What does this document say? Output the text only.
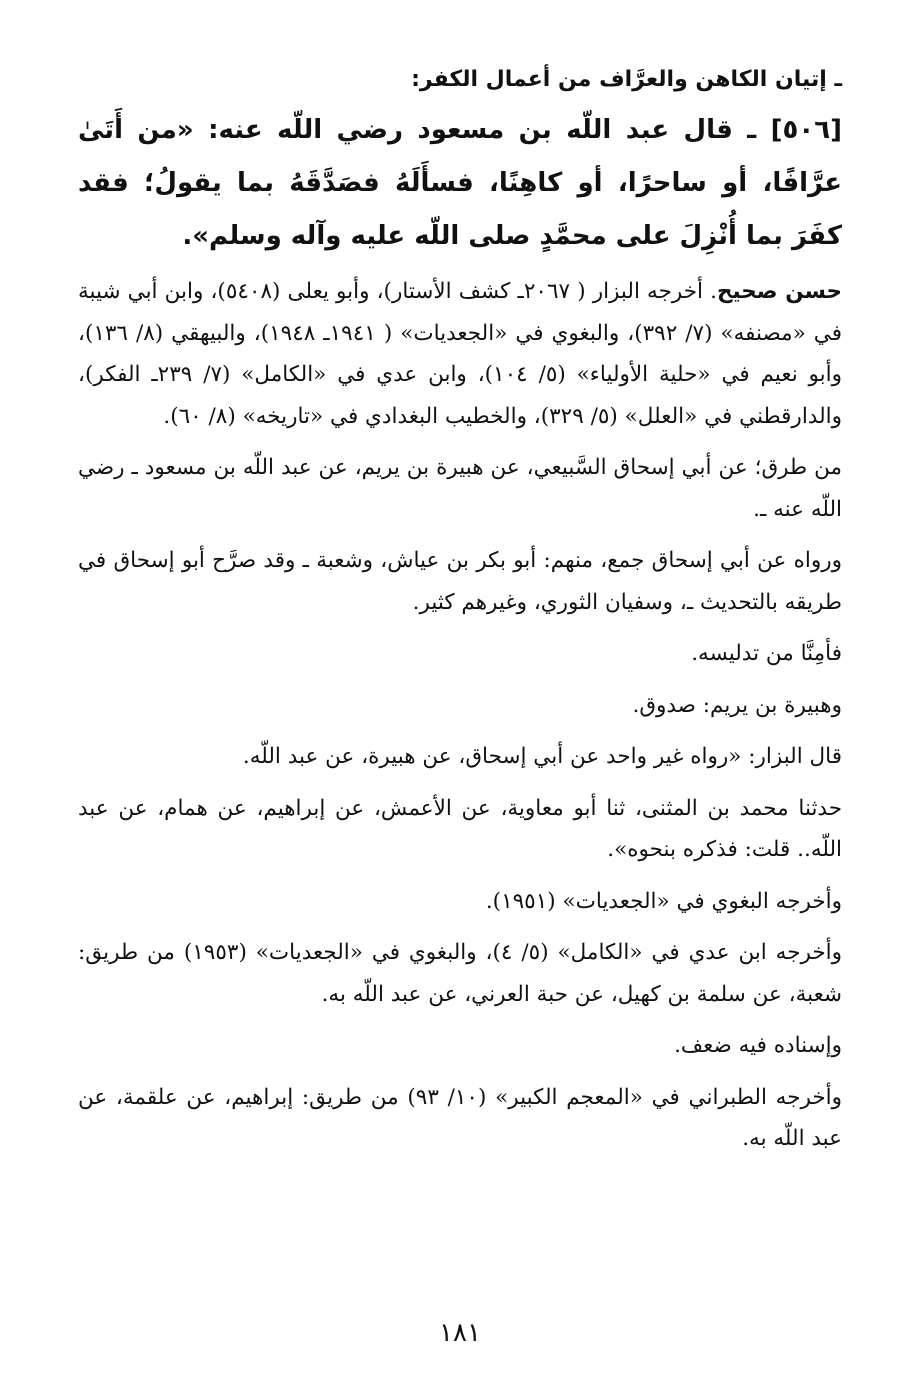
ـ إتيان الكاهن والعرَّاف من أعمال الكفر:

[٥٠٦] ـ قال عبد اللّه بن مسعود رضي اللّه عنه: «من أَتَىٰ عرَّافًا، أو ساحرًا، أو كاهِنًا، فسأَلَهُ فصَدَّقَهُ بما يقولُ؛ فقد كفَرَ بما أُنْزِلَ على محمَّدٍ صلى اللّه عليه وآله وسلم».

حسن صحيح. أخرجه البزار ( ٢٠٦٧ـ كشف الأستار)، وأبو يعلى (٥٤٠٨)، وابن أبي شيبة في «مصنفه» (٧/ ٣٩٢)، والبغوي في «الجعديات» ( ١٩٤١ـ ١٩٤٨)، والبيهقي (٨/ ١٣٦)، وأبو نعيم في «حلية الأولياء» (٥/ ١٠٤)، وابن عدي في «الكامل» (٧/ ٢٣٩ـ الفكر)، والدارقطني في «العلل» (٥/ ٣٢٩)، والخطيب البغدادي في «تاريخه» (٨/ ٦٠).

من طرق؛ عن أبي إسحاق السَّبيعي، عن هبيرة بن يريم، عن عبد اللّه بن مسعود ـ رضي اللّه عنه ـ.

ورواه عن أبي إسحاق جمع، منهم: أبو بكر بن عياش، وشعبة ـ وقد صرَّح أبو إسحاق في طريقه بالتحديث ـ، وسفيان الثوري، وغيرهم كثير.

فأمِنَّا من تدليسه.

وهبيرة بن يريم: صدوق.

قال البزار: «رواه غير واحد عن أبي إسحاق، عن هبيرة، عن عبد اللّه.

حدثنا محمد بن المثنى، ثنا أبو معاوية، عن الأعمش، عن إبراهيم، عن همام، عن عبد اللّه.. قلت: فذكره بنحوه».

وأخرجه البغوي في «الجعديات» (١٩٥١).

وأخرجه ابن عدي في «الكامل» (٥/ ٤)، والبغوي في «الجعديات» (١٩٥٣) من طريق: شعبة، عن سلمة بن كهيل، عن حبة العرني، عن عبد اللّه به.

وإسناده فيه ضعف.

وأخرجه الطبراني في «المعجم الكبير» (١٠/ ٩٣) من طريق: إبراهيم، عن علقمة، عن عبد اللّه به.

١٨١
